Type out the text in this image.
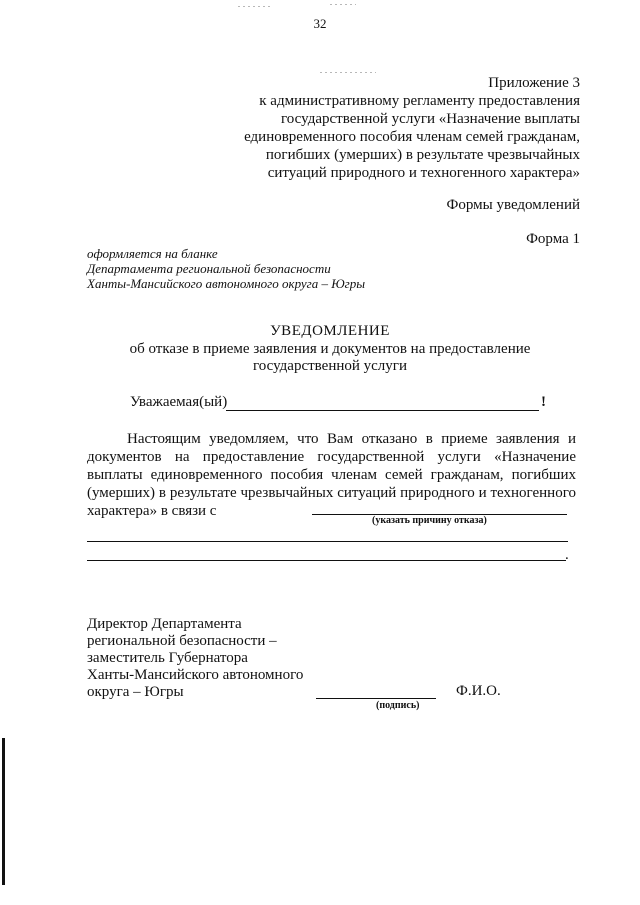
32
Приложение 3
к административному регламенту предоставления
государственной услуги «Назначение выплаты
единовременного пособия членам семей гражданам,
погибших (умерших) в результате чрезвычайных
ситуаций природного и техногенного характера»
Формы уведомлений
Форма 1
оформляется на бланке
Департамента региональной безопасности
Ханты-Мансийского автономного округа – Югры
УВЕДОМЛЕНИЕ
об отказе в приеме заявления и документов на предоставление
государственной услуги
Уважаемая(ый)	!
Настоящим уведомляем, что Вам отказано в приеме заявления и документов на предоставление государственной услуги «Назначение выплаты единовременного пособия членам семей гражданам, погибших (умерших) в результате чрезвычайных ситуаций природного и техногенного характера» в связи с
(указать причину отказа)
.
Директор Департамента
региональной безопасности –
заместитель Губернатора
Ханты-Мансийского автономного
округа – Югры
(подпись)
Ф.И.О.
